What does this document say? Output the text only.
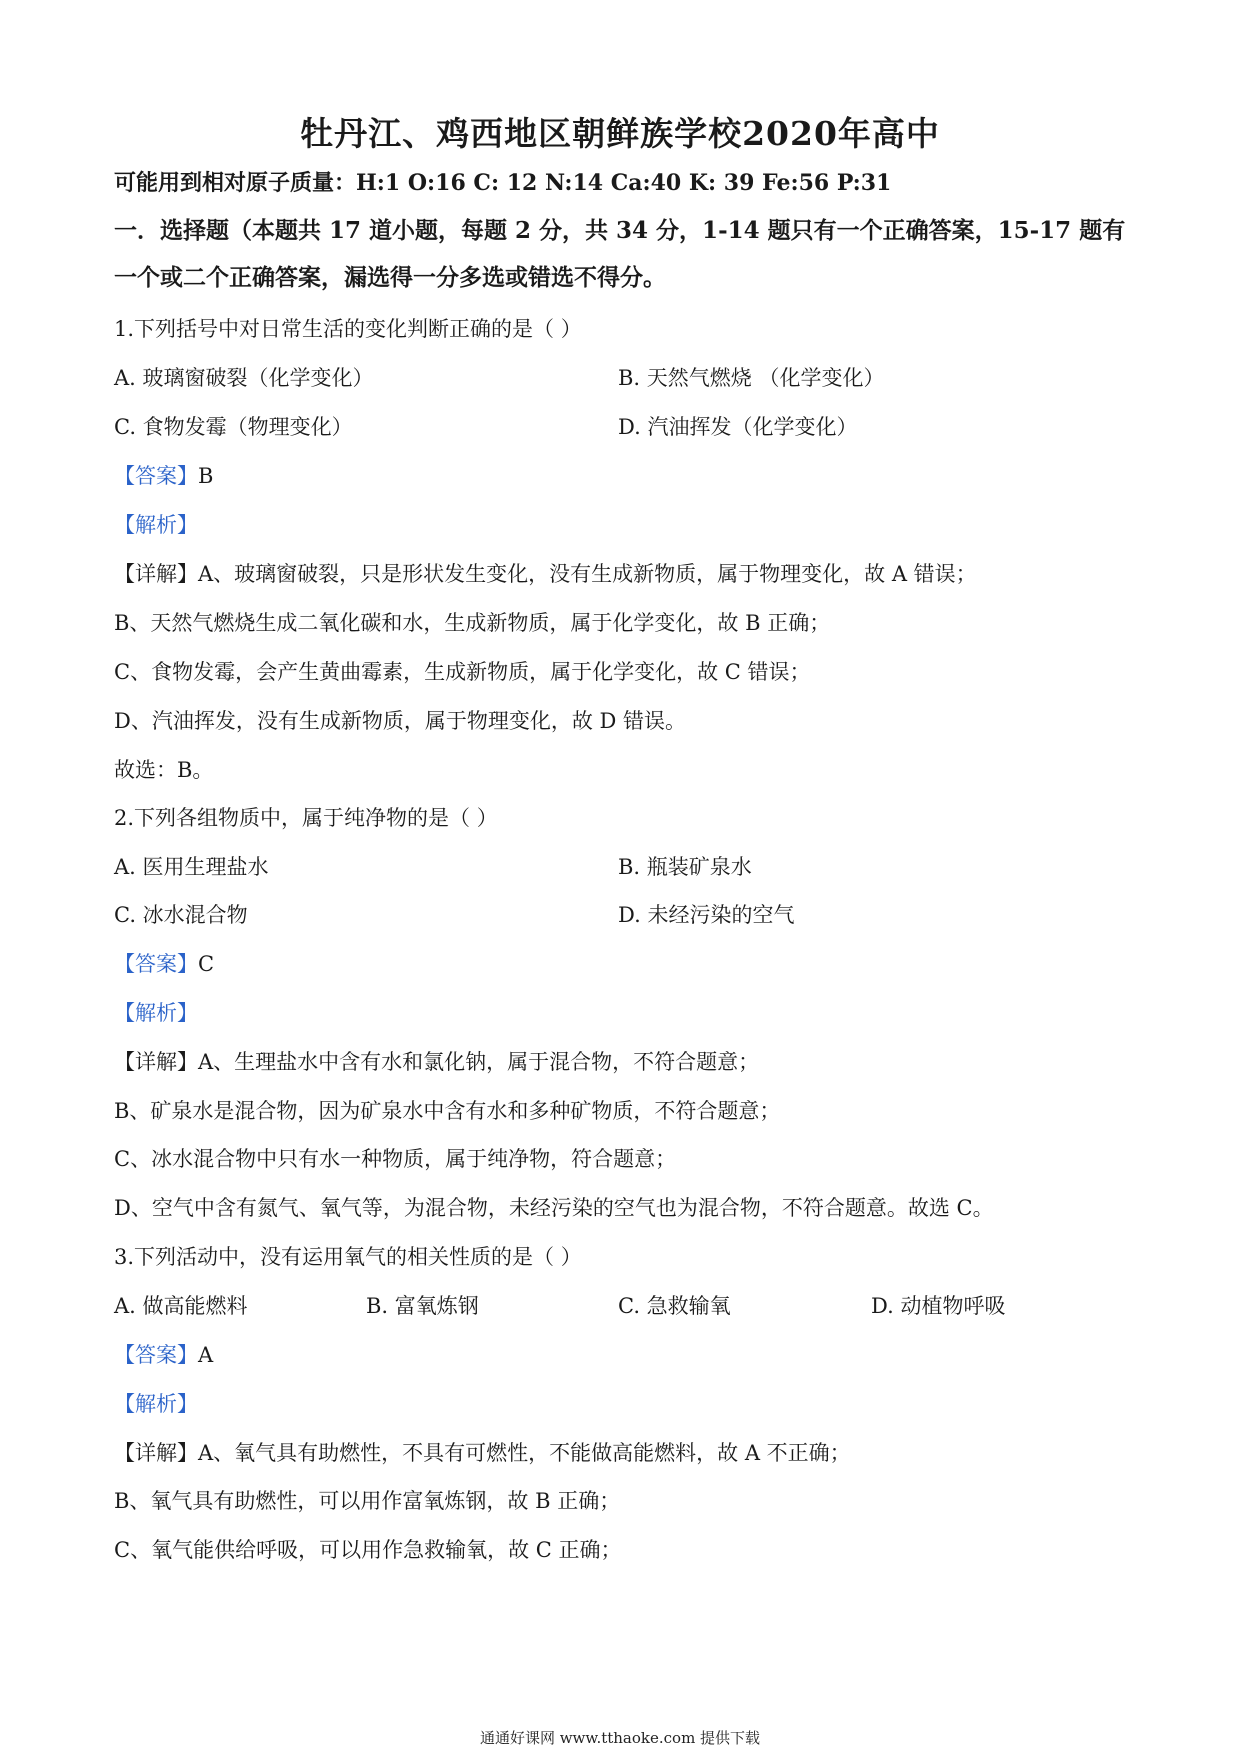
牡丹江、鸡西地区朝鲜族学校2020年高中
可能用到相对原子质量：H:1 O:16 C: 12 N:14 Ca:40 K: 39 Fe:56 P:31
一．选择题（本题共 17 道小题，每题 2 分，共 34 分，1-14 题只有一个正确答案，15-17 题有
一个或二个正确答案，漏选得一分多选或错选不得分。
1.下列括号中对日常生活的变化判断正确的是（ ）
A. 玻璃窗破裂（化学变化）	B. 天然气燃烧 （化学变化）
C. 食物发霉（物理变化）	D. 汽油挥发（化学变化）
【答案】B
【解析】
【详解】A、玻璃窗破裂，只是形状发生变化，没有生成新物质，属于物理变化，故 A 错误；
B、天然气燃烧生成二氧化碳和水，生成新物质，属于化学变化，故 B 正确；
C、食物发霉，会产生黄曲霉素，生成新物质，属于化学变化，故 C 错误；
D、汽油挥发，没有生成新物质，属于物理变化，故 D 错误。
故选：B。
2.下列各组物质中，属于纯净物的是（ ）
A. 医用生理盐水	B. 瓶装矿泉水
C. 冰水混合物	D. 未经污染的空气
【答案】C
【解析】
【详解】A、生理盐水中含有水和氯化钠，属于混合物，不符合题意；
B、矿泉水是混合物，因为矿泉水中含有水和多种矿物质，不符合题意；
C、冰水混合物中只有水一种物质，属于纯净物，符合题意；
D、空气中含有氮气、氧气等，为混合物，未经污染的空气也为混合物，不符合题意。故选 C。
3.下列活动中，没有运用氧气的相关性质的是（ ）
A. 做高能燃料	B. 富氧炼钢	C. 急救输氧	D. 动植物呼吸
【答案】A
【解析】
【详解】A、氧气具有助燃性，不具有可燃性，不能做高能燃料，故 A 不正确；
B、氧气具有助燃性，可以用作富氧炼钢，故 B 正确；
C、氧气能供给呼吸，可以用作急救输氧，故 C 正确；
通通好课网 www.tthaoke.com 提供下载
